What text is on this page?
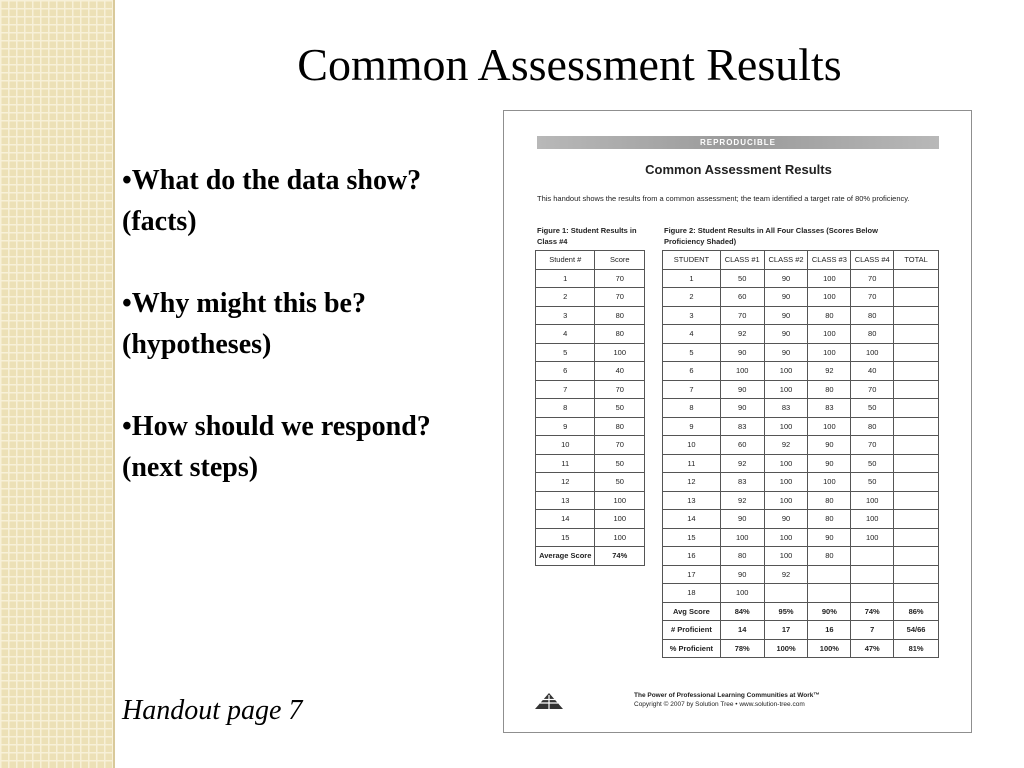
Common Assessment Results
•What do the data show? (facts)
•Why might this be? (hypotheses)
•How should we respond? (next steps)
Handout page 7
REPRODUCIBLE
Common Assessment Results
This handout shows the results from a common assessment; the team identified a target rate of 80% proficiency.
Figure 1: Student Results in Class #4
Figure 2: Student Results in All Four Classes (Scores Below Proficiency Shaded)
Student #	Score
1	70
2	70
3	80
4	80
5	100
6	40
7	70
8	50
9	80
10	70
11	50
12	50
13	100
14	100
15	100
Average Score	74%
STUDENT	CLASS #1	CLASS #2	CLASS #3	CLASS #4	TOTAL
1	50	90	100	70	
2	60	90	100	70	
3	70	90	80	80	
4	92	90	100	80	
5	90	90	100	100	
6	100	100	92	40	
7	90	100	80	70	
8	90	83	83	50	
9	83	100	100	80	
10	60	92	90	70	
11	92	100	90	50	
12	83	100	100	50	
13	92	100	80	100	
14	90	90	80	100	
15	100	100	90	100	
16	80	100	80		
17	90	92			
18	100				
Avg Score	84%	95%	90%	74%	86%
# Proficient	14	17	16	7	54/66
% Proficient	78%	100%	100%	47%	81%
The Power of Professional Learning Communities at Work™
Copyright © 2007 by Solution Tree • www.solution-tree.com
